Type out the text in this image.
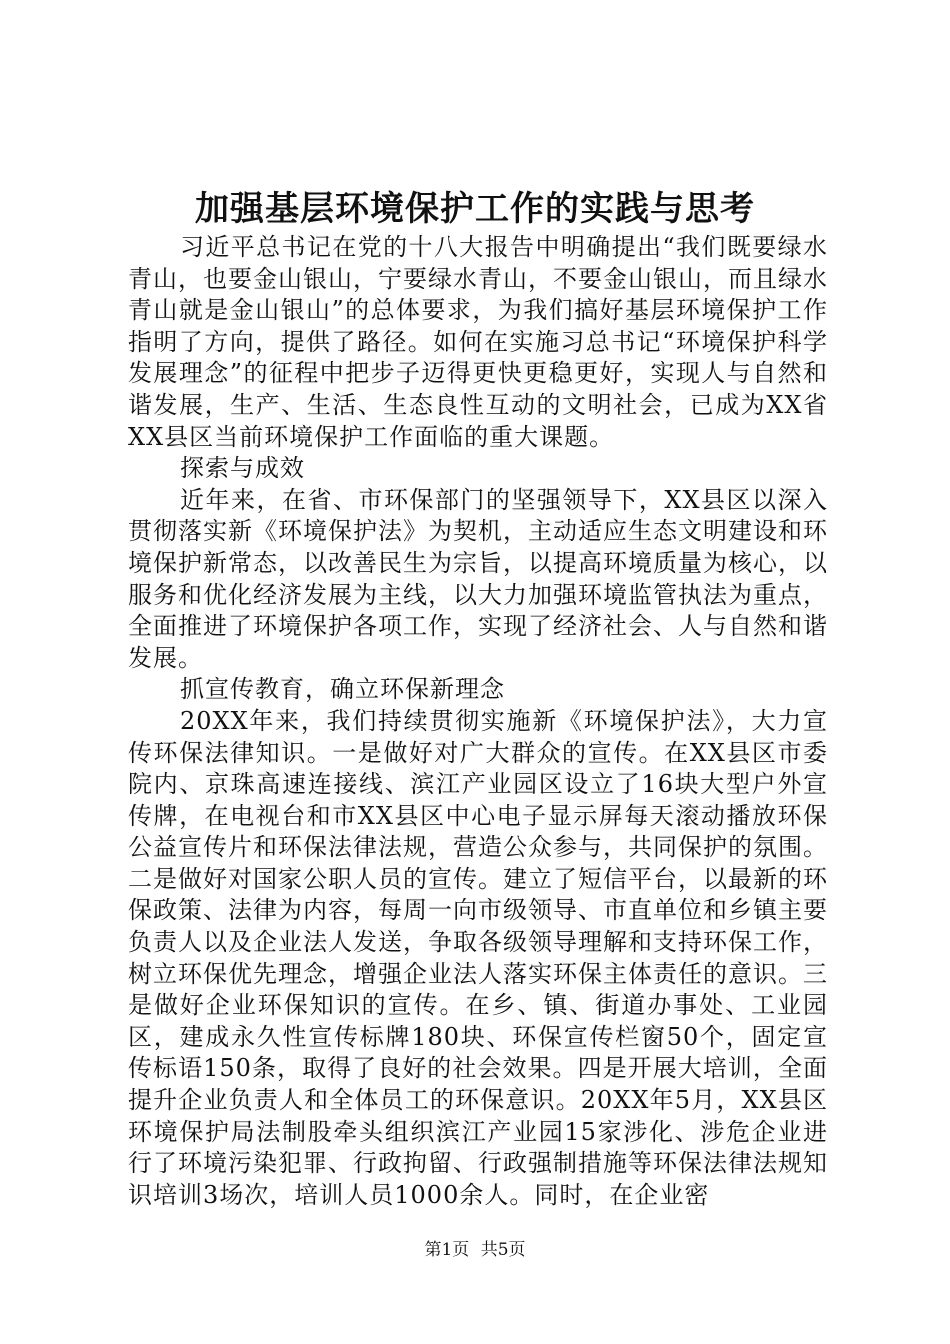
加强基层环境保护工作的实践与思考

习近平总书记在党的十八大报告中明确提出“我们既要绿水青山，也要金山银山，宁要绿水青山，不要金山银山，而且绿水青山就是金山银山”的总体要求，为我们搞好基层环境保护工作指明了方向，提供了路径。如何在实施习总书记“环境保护科学发展理念”的征程中把步子迈得更快更稳更好，实现人与自然和谐发展，生产、生活、生态良性互动的文明社会，已成为XX省XX县区当前环境保护工作面临的重大课题。

探索与成效

近年来，在省、市环保部门的坚强领导下，XX县区以深入贯彻落实新《环境保护法》为契机，主动适应生态文明建设和环境保护新常态，以改善民生为宗旨，以提高环境质量为核心，以服务和优化经济发展为主线，以大力加强环境监管执法为重点，全面推进了环境保护各项工作，实现了经济社会、人与自然和谐发展。

抓宣传教育，确立环保新理念

20XX年来，我们持续贯彻实施新《环境保护法》，大力宣传环保法律知识。一是做好对广大群众的宣传。在XX县区市委院内、京珠高速连接线、滨江产业园区设立了16块大型户外宣传牌，在电视台和市XX县区中心电子显示屏每天滚动播放环保公益宣传片和环保法律法规，营造公众参与，共同保护的氛围。二是做好对国家公职人员的宣传。建立了短信平台，以最新的环保政策、法律为内容，每周一向市级领导、市直单位和乡镇主要负责人以及企业法人发送，争取各级领导理解和支持环保工作，树立环保优先理念，增强企业法人落实环保主体责任的意识。三是做好企业环保知识的宣传。在乡、镇、街道办事处、工业园区，建成永久性宣传标牌180块、环保宣传栏窗50个，固定宣传标语150条，取得了良好的社会效果。四是开展大培训，全面提升企业负责人和全体员工的环保意识。20XX年5月，XX县区环境保护局法制股牵头组织滨江产业园15家涉化、涉危企业进行了环境污染犯罪、行政拘留、行政强制措施等环保法律法规知识培训3场次，培训人员1000余人。同时，在企业密

第1页 共5页
